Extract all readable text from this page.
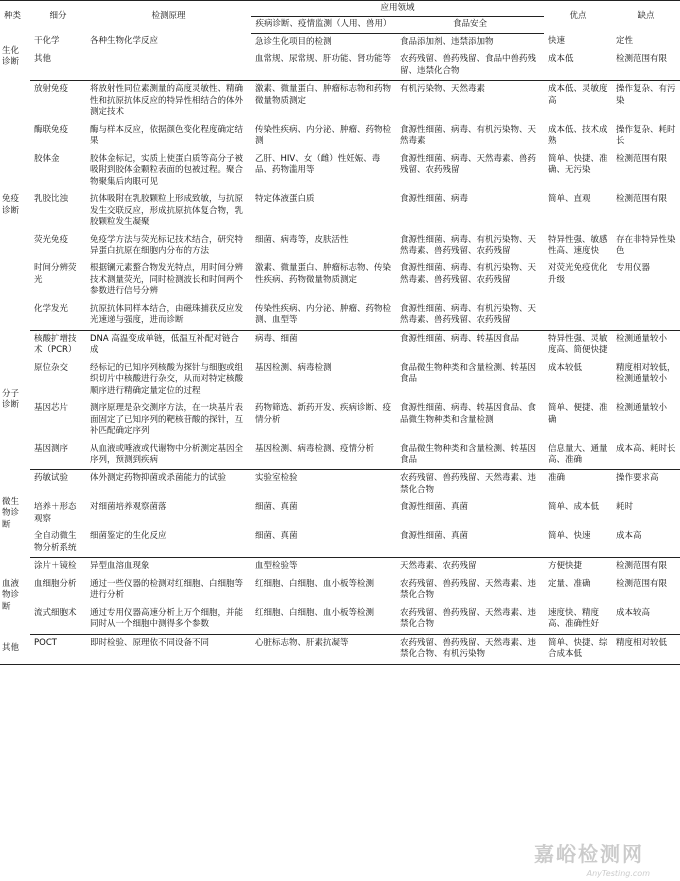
种类	细分	检测原理	应用领域		优点	缺点
			疾病诊断、疫情监测（人用、兽用）	食品安全		
生化诊断	干化学	各种生物化学反应	急诊生化项目的检测	食品添加剂、违禁添加物	快速	定性
	其他		血常规、尿常规、肝功能、肾功能等	农药残留、兽药残留、食品中兽药残留、违禁化合物	成本低	检测范围有限
免疫诊断	放射免疫	将放射性同位素测量的高度灵敏性、精确性和抗原抗体反应的特异性相结合的体外测定技术	激素、微量蛋白、肿瘤标志物和药物微量物质测定	有机污染物、天然毒素	成本低、灵敏度高	操作复杂、有污染
	酶联免疫	酶与样本反应，依据颜色变化程度确定结果	传染性疾病、内分泌、肿瘤、药物检测	食源性细菌、病毒、有机污染物、天然毒素	成本低、技术成熟	操作复杂、耗时长
	胶体金	胶体金标记，实质上使蛋白质等高分子被吸附到胶体金颗粒表面的包被过程。聚合物聚集后肉眼可见	乙肝、HIV、女（雌）性妊娠、毒品、药物滥用等	食源性细菌、病毒、天然毒素、兽药残留、农药残留	简单、快捷、准确、无污染	检测范围有限
	乳胶比浊	抗体吸附在乳胶颗粒上形成致敏，与抗原发生交联反应，形成抗原抗体复合物，乳胶颗粒发生凝聚	特定体液蛋白质	食源性细菌、病毒	简单、直观	检测范围有限
	荧光免疫	免疫学方法与荧光标记技术结合，研究特异蛋白抗原在细胞内分布的方法	细菌、病毒等，皮肤活性	食源性细菌、病毒、有机污染物、天然毒素、兽药残留、农药残留	特异性强、敏感性高、速度快	存在非特异性染色
	时间分辨荧光	根据镧元素螯合物发光特点，用时间分辨技术测量荧光，同时检测波长和时间两个参数进行信号分辨	激素、微量蛋白、肿瘤标志物、传染性疾病、药物微量物质测定	食源性细菌、病毒、有机污染物、天然毒素、兽药残留、农药残留	对荧光免疫优化升级	专用仪器
	化学发光	抗原抗体同样本结合，由磁珠捕获反应发光速递与强度，进而诊断	传染性疾病、内分泌、肿瘤、药物检测、血型等	食源性细菌、病毒、有机污染物、天然毒素、兽药残留、农药残留		
分子诊断	核酸扩增技术（PCR）	DNA 高温变成单链，低温互补配对链合成	病毒、细菌	食源性细菌、病毒、转基因食品	特异性强、灵敏度高、简便快捷	检测通量较小
	原位杂交	经标记的已知序列核酸为探针与细胞或组织切片中核酸进行杂交，从而对特定核酸顺序进行精确定量定位的过程	基因检测、病毒检测	食品微生物种类和含量检测、转基因食品	成本较低	精度相对较低，检测通量较小
	基因芯片	测序原理是杂交测序方法，在一块基片表面固定了已知序列的靶核苷酸的探针，互补匹配确定序列	药物筛选、新药开发、疾病诊断、疫情分析	食源性细菌、病毒、转基因食品、食品微生物种类和含量检测	简单、便捷、准确	检测通量较小
	基因测序	从血液或唾液或代谢物中分析测定基因全序列，预测到疾病	基因检测、病毒检测、疫情分析	食品微生物种类和含量检测、转基因食品	信息量大、通量高、准确	成本高、耗时长
微生物诊断	药敏试验	体外测定药物抑菌或杀菌能力的试验	实验室检验	农药残留、兽药残留、天然毒素、违禁化合物	准确	操作要求高
	培养＋形态观察	对细菌培养观察菌落	细菌、真菌	食源性细菌、真菌	简单、成本低	耗时
	全自动微生物分析系统	细菌鉴定的生化反应	细菌、真菌	食源性细菌、真菌	简单、快速	成本高
血液物诊断	涂片＋镜检	异型血溶血现象	血型检验等	天然毒素、农药残留	方便快捷	检测范围有限
	血细胞分析	通过一些仪器的检测对红细胞、白细胞等进行分析	红细胞、白细胞、血小板等检测	农药残留、兽药残留、天然毒素、违禁化合物	定量、准确	检测范围有限
	流式细胞术	通过专用仪器高速分析上万个细胞，并能同时从一个细胞中测得多个参数	红细胞、白细胞、血小板等检测	农药残留、兽药残留、天然毒素、违禁化合物	速度快、精度高、准确性好	成本较高
其他	POCT	即时检验、原理依不同设备不同	心脏标志物、肝素抗凝等	农药残留、兽药残留、天然毒素、违禁化合物、有机污染物	简单、快捷、综合成本低	精度相对较低
嘉峪检测网
AnyTesting.com
